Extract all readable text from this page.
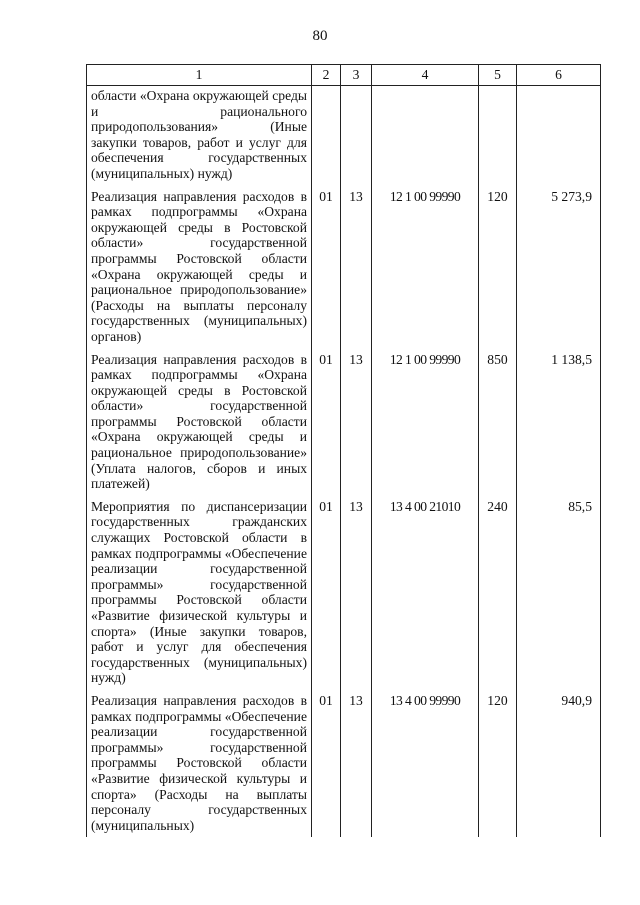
80
1	2	3	4	5	6
области «Охрана окружающей среды и рационального природопользования» (Иные закупки товаров, работ и услуг для обеспечения государственных (муниципальных) нужд)					
Реализация направления расходов в рамках подпрограммы «Охрана окружающей среды в Ростовской области» государственной программы Ростовской области «Охрана окружающей среды и рациональное природопользование» (Расходы на выплаты персоналу государственных (муниципальных) органов)	01	13	12 1 00 99990	120	5 273,9
Реализация направления расходов в рамках подпрограммы «Охрана окружающей среды в Ростовской области» государственной программы Ростовской области «Охрана окружающей среды и рациональное природопользование» (Уплата налогов, сборов и иных платежей)	01	13	12 1 00 99990	850	1 138,5
Мероприятия по диспансеризации государственных гражданских служащих Ростовской области в рамках подпрограммы «Обеспечение реализации государственной программы» государственной программы Ростовской области «Развитие физической культуры и спорта» (Иные закупки товаров, работ и услуг для обеспечения государственных (муниципальных) нужд)	01	13	13 4 00 21010	240	85,5
Реализация направления расходов в рамках подпрограммы «Обеспечение реализации государственной программы» государственной программы Ростовской области «Развитие физической культуры и спорта» (Расходы на выплаты персоналу государственных (муниципальных)	01	13	13 4 00 99990	120	940,9
